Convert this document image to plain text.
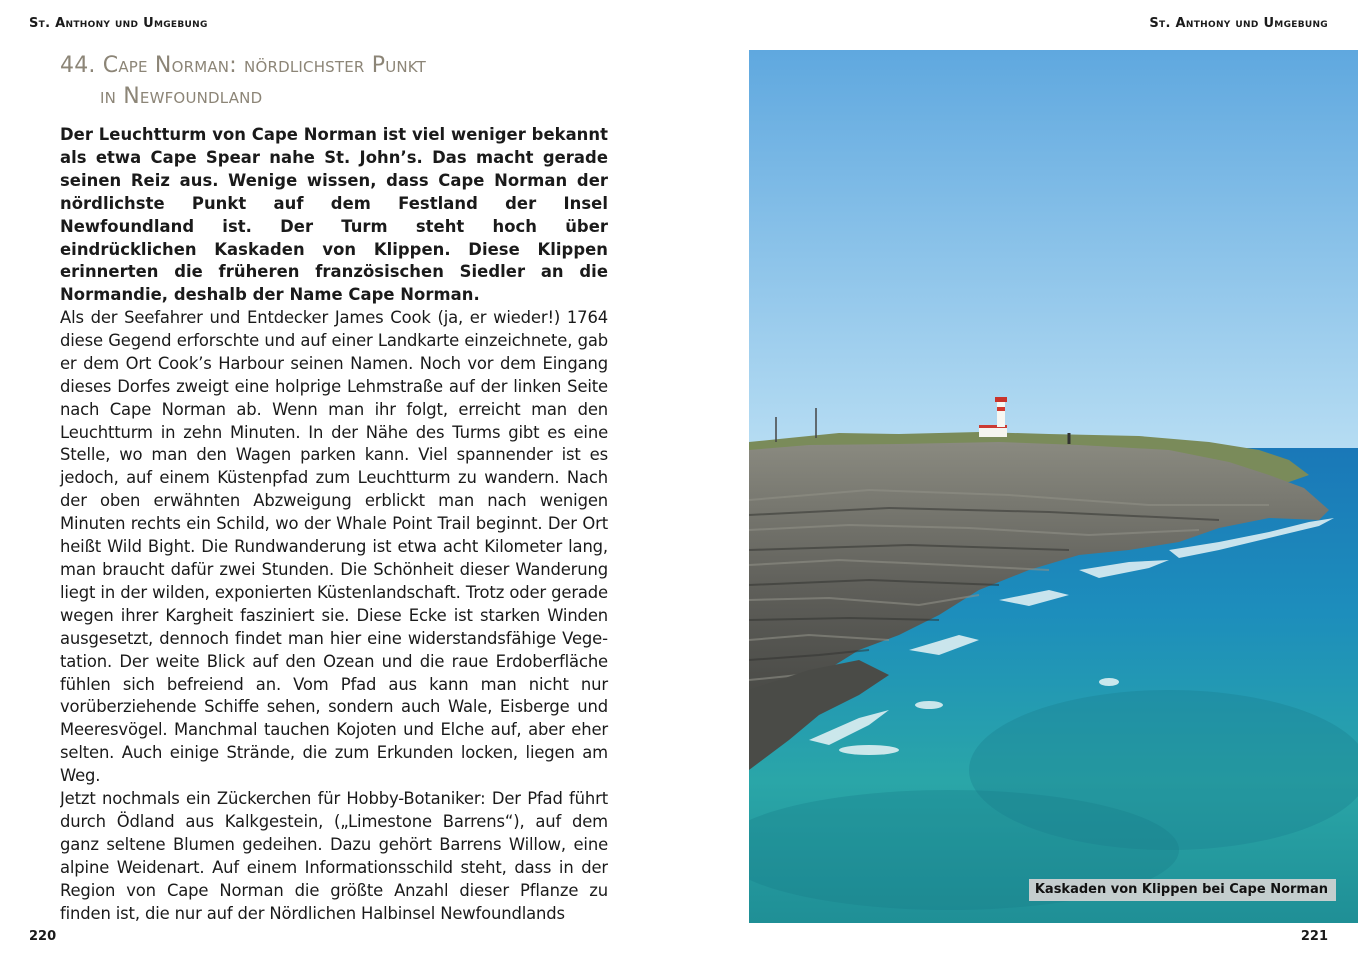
St. Anthony und Umgebung	St. Anthony und Umgebung
44. Cape Norman: nördlichster Punkt
in Newfoundland

Der Leuchtturm von Cape Norman ist viel weniger bekannt als etwa Cape Spear nahe St. John’s. Das macht gerade seinen Reiz aus. Wenige wissen, dass Cape Norman der nördlichste Punkt auf dem Festland der Insel Newfoundland ist. Der Turm steht hoch über eindrücklichen Kaskaden von Klippen. Diese Klippen erinnerten die früheren französischen Siedler an die Normandie, deshalb der Name Cape Norman.

Als der Seefahrer und Entdecker James Cook (ja, er wieder!) 1764 diese Gegend erforschte und auf einer Landkarte einzeichnete, gab er dem Ort Cook’s Harbour seinen Namen. Noch vor dem Eingang dieses Dorfes zweigt eine holprige Lehmstraße auf der linken Seite nach Cape Norman ab. Wenn man ihr folgt, erreicht man den Leuchtturm in zehn Minuten. In der Nähe des Turms gibt es eine Stelle, wo man den Wagen parken kann. Viel spannender ist es jedoch, auf einem Küstenpfad zum Leuchtturm zu wandern. Nach der oben erwähnten Abzweigung erblickt man nach wenigen Minuten rechts ein Schild, wo der Whale Point Trail beginnt. Der Ort heißt Wild Bight. Die Rundwanderung ist etwa acht Kilometer lang, man braucht dafür zwei Stunden. Die Schönheit dieser Wanderung liegt in der wilden, exponierten Küstenlandschaft. Trotz oder gerade wegen ihrer Kargheit fasziniert sie. Diese Ecke ist starken Winden ausgesetzt, dennoch findet man hier eine widerstandsfähige Vegetation. Der weite Blick auf den Ozean und die raue Erdoberfläche fühlen sich befreiend an. Vom Pfad aus kann man nicht nur vorüberziehende Schiffe sehen, sondern auch Wale, Eisberge und Meeresvögel. Manchmal tauchen Kojoten und Elche auf, aber eher selten. Auch einige Strände, die zum Erkunden locken, liegen am Weg.

Jetzt nochmals ein Zückerchen für Hobby-Botaniker: Der Pfad führt durch Ödland aus Kalkgestein, („Limestone Barrens“), auf dem ganz seltene Blumen gedeihen. Dazu gehört Barrens Willow, eine alpine Weidenart. Auf einem Informationsschild steht, dass in der Region von Cape Norman die größte Anzahl dieser Pflanze zu finden ist, die nur auf der Nördlichen Halbinsel Newfoundlands

Kaskaden von Klippen bei Cape Norman
220	221
